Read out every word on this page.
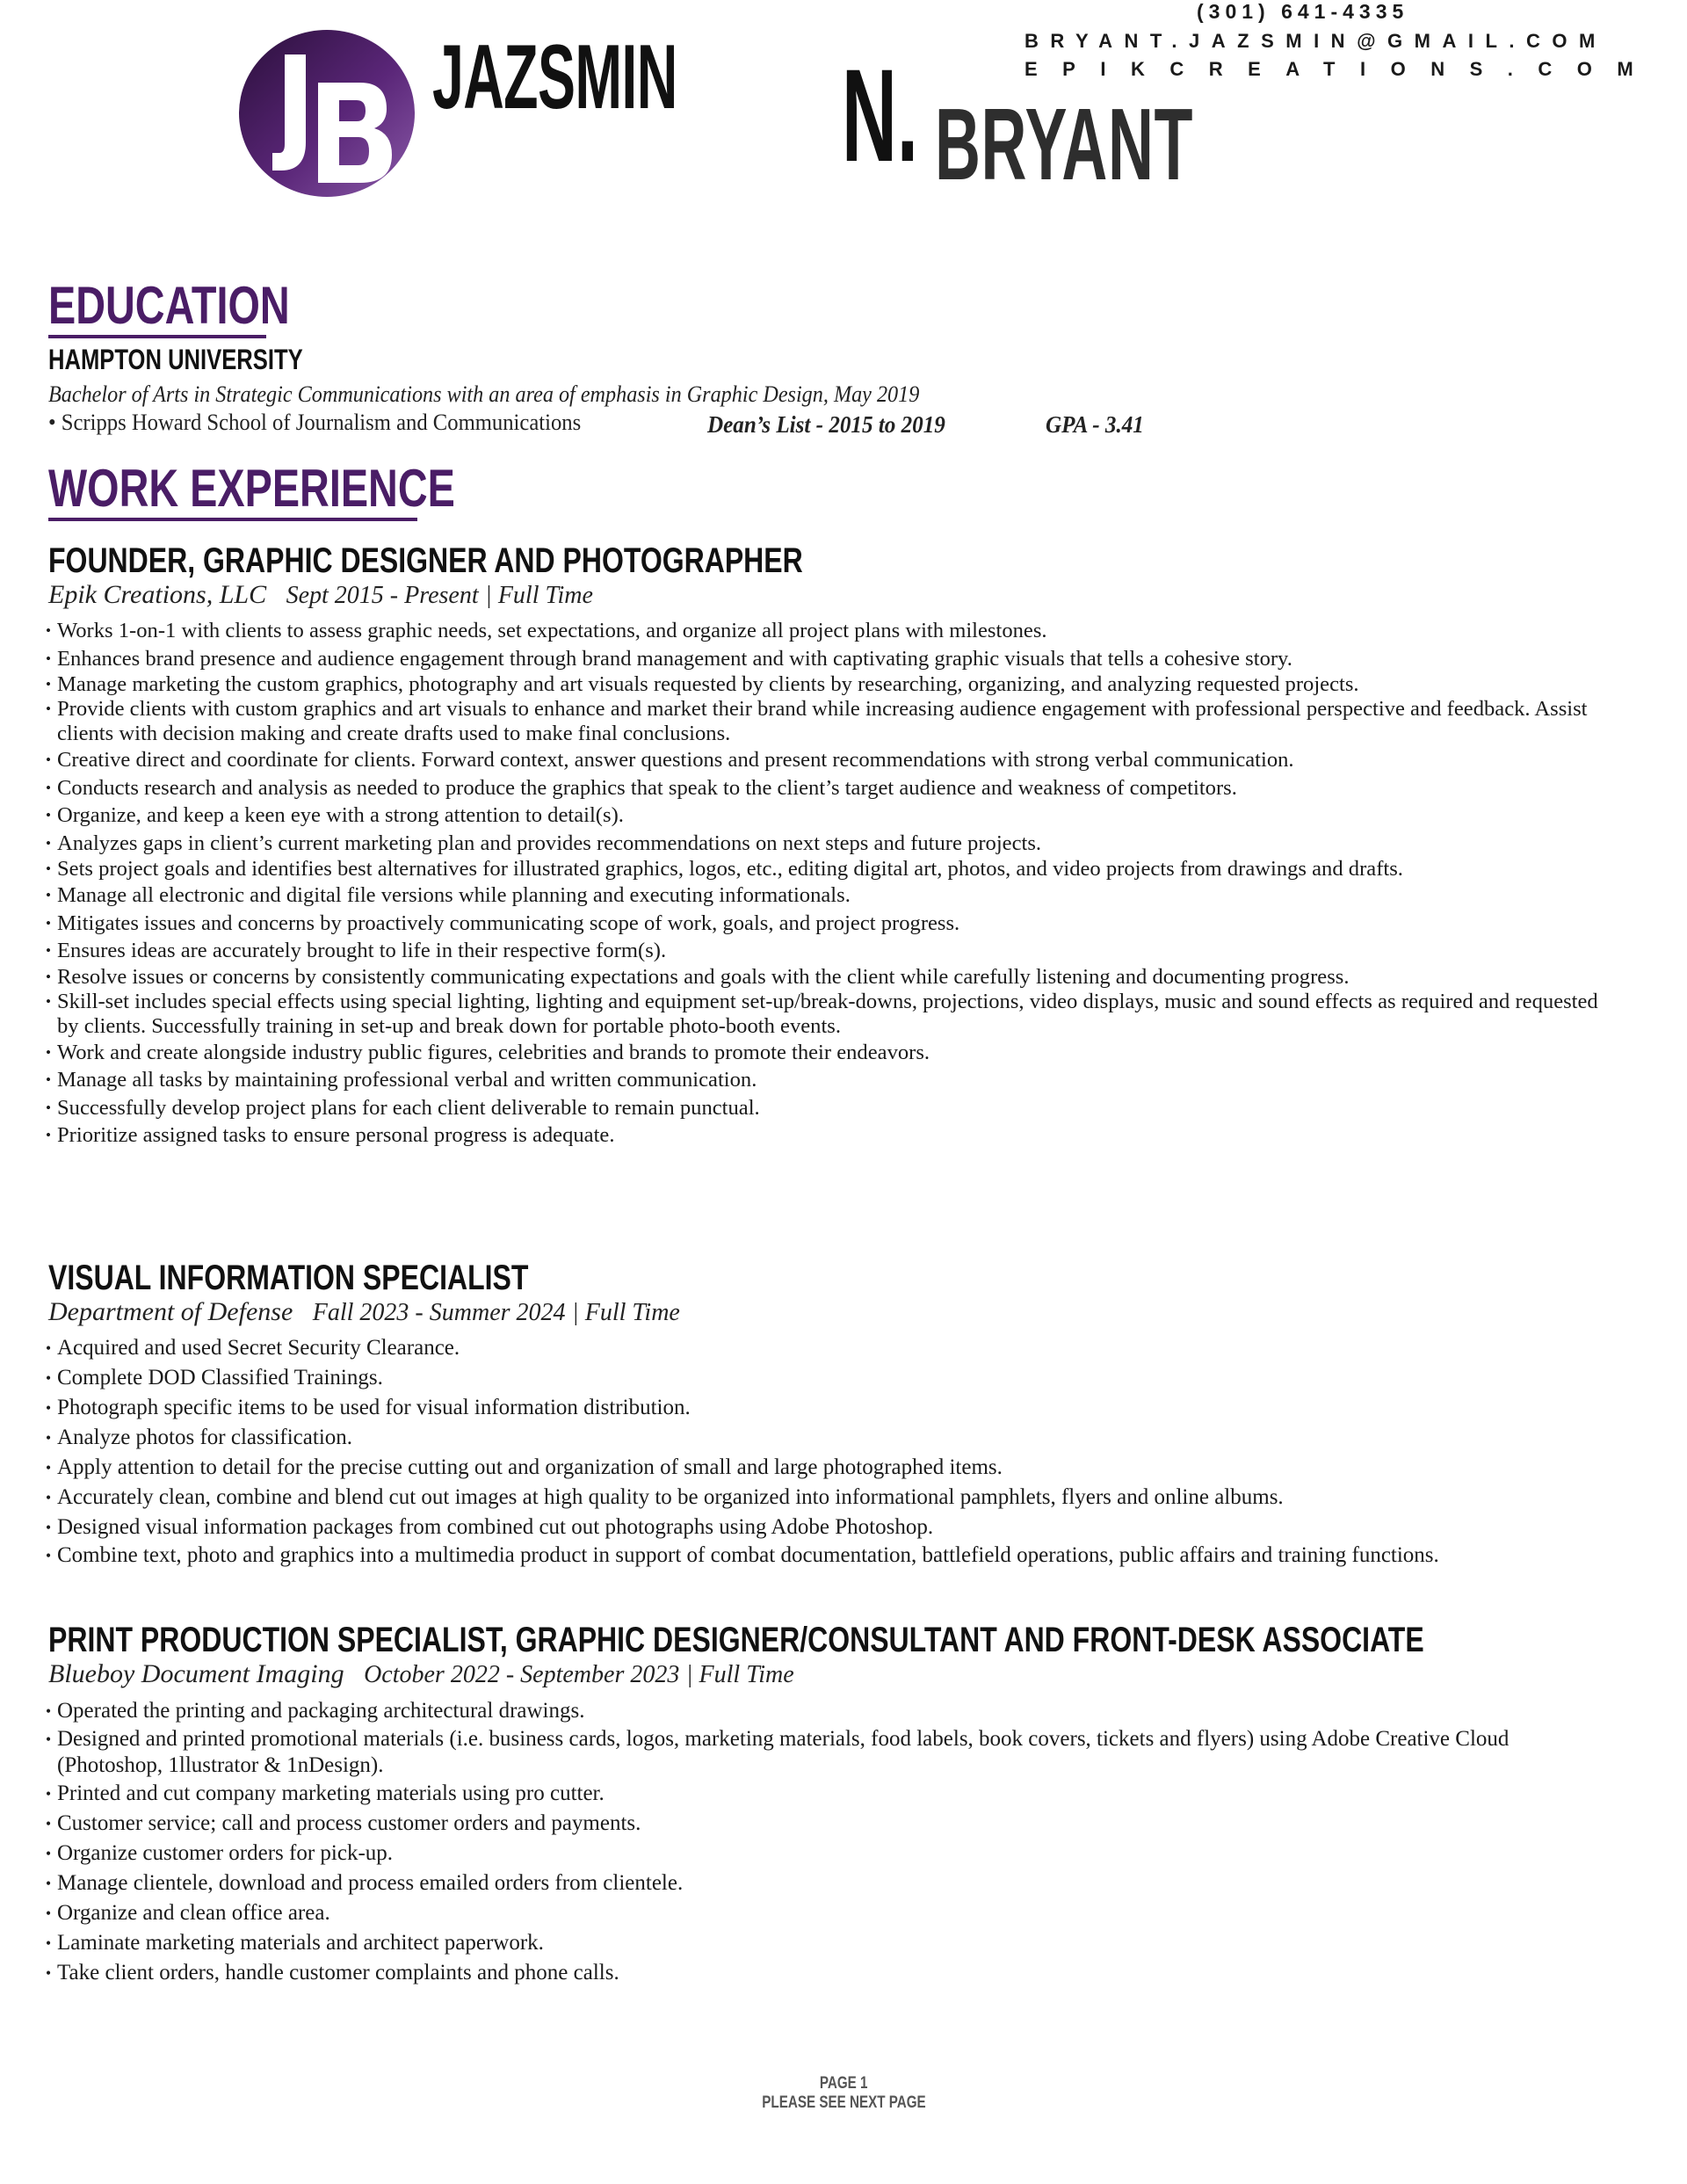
JAZSMIN N. BRYANT
(301) 641-4335
BRYANT.JAZSMIN@GMAIL.COM
EPIKCREATIONS.COM
EDUCATION
HAMPTON UNIVERSITY
Bachelor of Arts in Strategic Communications with an area of emphasis in Graphic Design, May 2019
• Scripps Howard School of Journalism and Communications	Dean’s List - 2015 to 2019	GPA - 3.41
WORK EXPERIENCE
FOUNDER, GRAPHIC DESIGNER AND PHOTOGRAPHER
Epik Creations, LLC Sept 2015 - Present | Full Time
• Works 1-on-1 with clients to assess graphic needs, set expectations, and organize all project plans with milestones.
• Enhances brand presence and audience engagement through brand management and with captivating graphic visuals that tells a cohesive story.
• Manage marketing the custom graphics, photography and art visuals requested by clients by researching, organizing, and analyzing requested projects.
• Provide clients with custom graphics and art visuals to enhance and market their brand while increasing audience engagement with professional perspective and feedback. Assist clients with decision making and create drafts used to make final conclusions.
• Creative direct and coordinate for clients. Forward context, answer questions and present recommendations with strong verbal communication.
• Conducts research and analysis as needed to produce the graphics that speak to the client’s target audience and weakness of competitors.
• Organize, and keep a keen eye with a strong attention to detail(s).
• Analyzes gaps in client’s current marketing plan and provides recommendations on next steps and future projects.
• Sets project goals and identifies best alternatives for illustrated graphics, logos, etc., editing digital art, photos, and video projects from drawings and drafts.
• Manage all electronic and digital file versions while planning and executing informationals.
• Mitigates issues and concerns by proactively communicating scope of work, goals, and project progress.
• Ensures ideas are accurately brought to life in their respective form(s).
• Resolve issues or concerns by consistently communicating expectations and goals with the client while carefully listening and documenting progress.
• Skill-set includes special effects using special lighting, lighting and equipment set-up/break-downs, projections, video displays, music and sound effects as required and requested by clients. Successfully training in set-up and break down for portable photo-booth events.
• Work and create alongside industry public figures, celebrities and brands to promote their endeavors.
• Manage all tasks by maintaining professional verbal and written communication.
• Successfully develop project plans for each client deliverable to remain punctual.
• Prioritize assigned tasks to ensure personal progress is adequate.
VISUAL INFORMATION SPECIALIST
Department of Defense Fall 2023 - Summer 2024 | Full Time
• Acquired and used Secret Security Clearance.
• Complete DOD Classified Trainings.
• Photograph specific items to be used for visual information distribution.
• Analyze photos for classification.
• Apply attention to detail for the precise cutting out and organization of small and large photographed items.
• Accurately clean, combine and blend cut out images at high quality to be organized into informational pamphlets, flyers and online albums.
• Designed visual information packages from combined cut out photographs using Adobe Photoshop.
• Combine text, photo and graphics into a multimedia product in support of combat documentation, battlefield operations, public affairs and training functions.
PRINT PRODUCTION SPECIALIST, GRAPHIC DESIGNER/CONSULTANT AND FRONT-DESK ASSOCIATE
Blueboy Document Imaging October 2022 - September 2023 | Full Time
• Operated the printing and packaging architectural drawings.
• Designed and printed promotional materials (i.e. business cards, logos, marketing materials, food labels, book covers, tickets and flyers) using Adobe Creative Cloud (Photoshop, 1llustrator & 1nDesign).
• Printed and cut company marketing materials using pro cutter.
• Customer service; call and process customer orders and payments.
• Organize customer orders for pick-up.
• Manage clientele, download and process emailed orders from clientele.
• Organize and clean office area.
• Laminate marketing materials and architect paperwork.
• Take client orders, handle customer complaints and phone calls.
PAGE 1
PLEASE SEE NEXT PAGE
